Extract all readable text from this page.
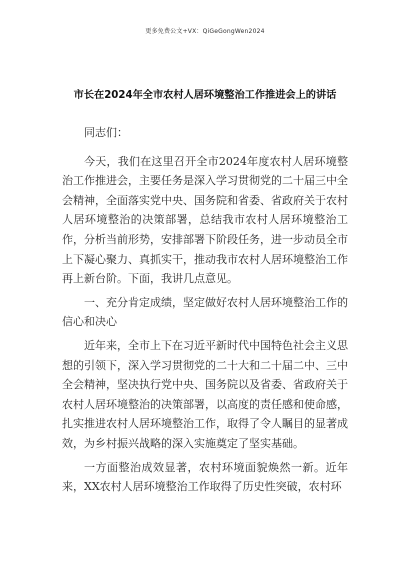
更多免费公文+VX：QiGeGongWen2024
市长在2024年全市农村人居环境整治工作推进会上的讲话

同志们：

今天，我们在这里召开全市2024年度农村人居环境整治工作推进会，主要任务是深入学习贯彻党的二十届三中全会精神，全面落实党中央、国务院和省委、省政府关于农村人居环境整治的决策部署，总结我市农村人居环境整治工作，分析当前形势，安排部署下阶段任务，进一步动员全市上下凝心聚力、真抓实干，推动我市农村人居环境整治工作再上新台阶。下面，我讲几点意见。

一、充分肯定成绩，坚定做好农村人居环境整治工作的信心和决心

近年来，全市上下在习近平新时代中国特色社会主义思想的引领下，深入学习贯彻党的二十大和二十届二中、三中全会精神，坚决执行党中央、国务院以及省委、省政府关于农村人居环境整治的决策部署，以高度的责任感和使命感，扎实推进农村人居环境整治工作，取得了令人瞩目的显著成效，为乡村振兴战略的深入实施奠定了坚实基础。

一方面整治成效显著，农村环境面貌焕然一新。近年来，XX农村人居环境整治工作取得了历史性突破，农村环
